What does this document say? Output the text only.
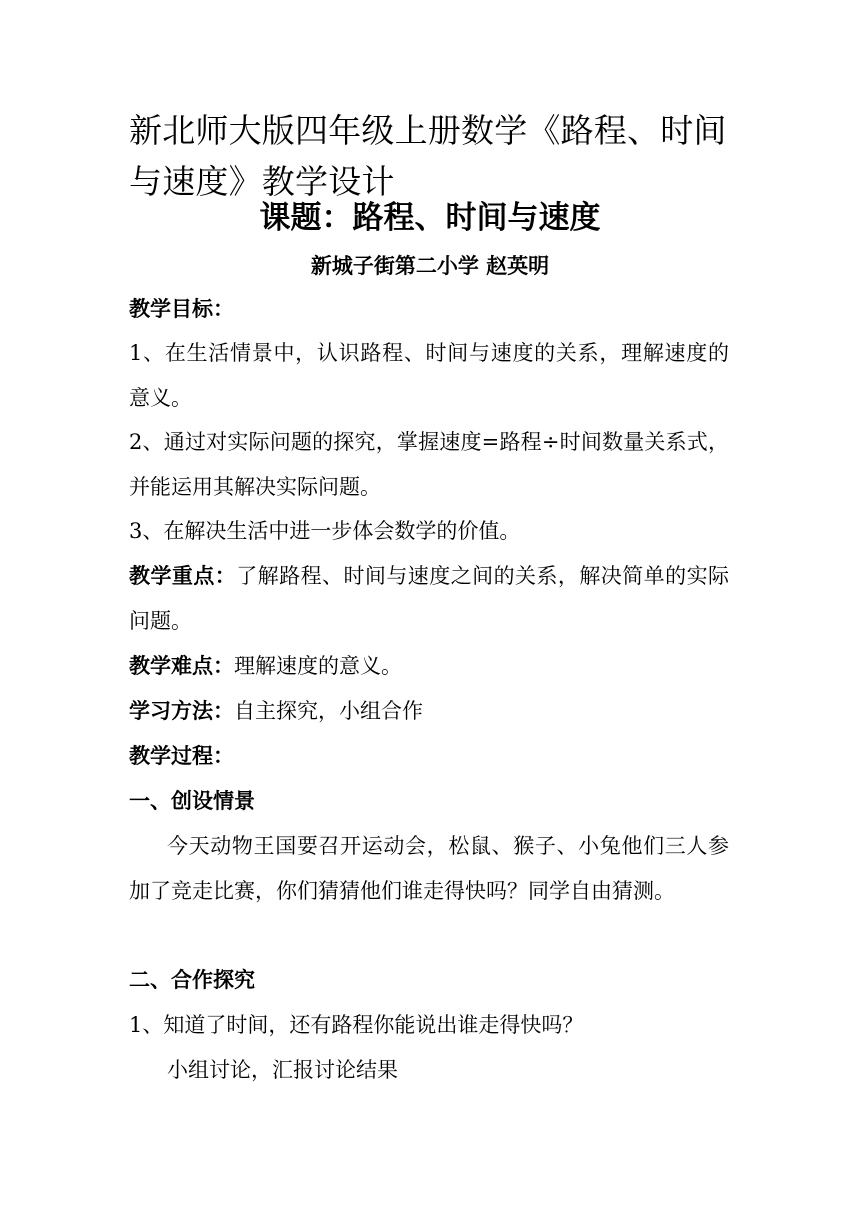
新北师大版四年级上册数学《路程、时间与速度》教学设计
课题：路程、时间与速度

新城子街第二小学 赵英明

教学目标：

1、在生活情景中，认识路程、时间与速度的关系，理解速度的意义。

2、通过对实际问题的探究，掌握速度=路程÷时间数量关系式，并能运用其解决实际问题。

3、在解决生活中进一步体会数学的价值。

教学重点：了解路程、时间与速度之间的关系，解决简单的实际问题。

教学难点：理解速度的意义。

学习方法：自主探究，小组合作

教学过程：

一、创设情景

今天动物王国要召开运动会，松鼠、猴子、小兔他们三人参加了竞走比赛，你们猜猜他们谁走得快吗？同学自由猜测。

二、合作探究

1、知道了时间，还有路程你能说出谁走得快吗？

小组讨论，汇报讨论结果
